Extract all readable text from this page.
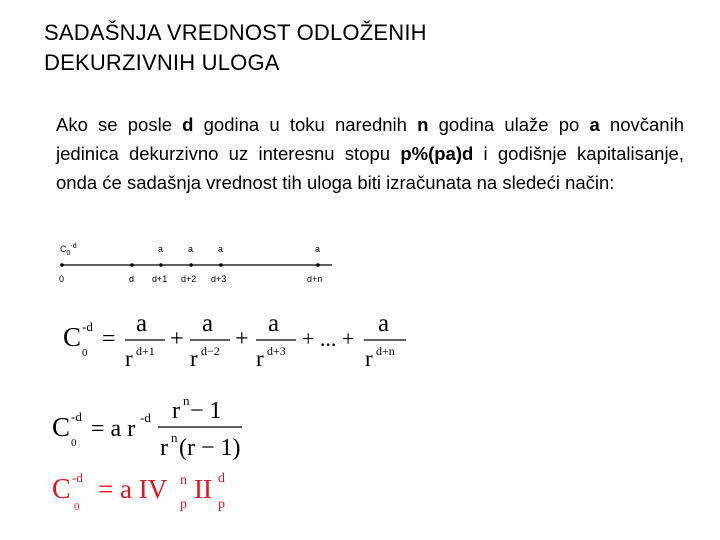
SADAŠNJA VREDNOST ODLOŽENIH
DEKURZIVNIH ULOGA
Ako se posle d godina u toku narednih n godina ulaže po a novčanih jedinica dekurzivno uz interesnu stopu p%(pa)d i godišnje kapitalisanje, onda će sadašnja vrednost tih uloga biti izračunata na sledeći način:
$C_0^{-d}$	a	a	a	a
0	d d+1 d+2 d+3	d+n
C -d
0
=
a
r d+1 +
a
r d−2 +
a
r d+3 + ... +
a
r d+n
C -d
0
= a r -d r n − 1
r n (r − 1)
C -d
0
= a IV n
p
II d
p
